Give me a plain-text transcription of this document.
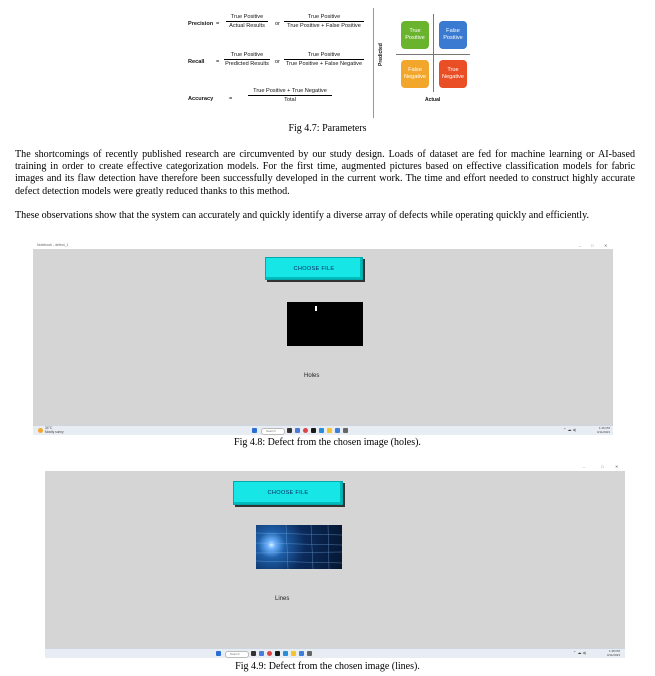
Precision =
True Positive
Actual Results	or
True Positive
True Positive + False Positive
Recall =
True Positive
Predicted Results or
True Positive
True Positive + False Negative
Accuracy	=
True Positive + True Negative
Total
Predicted
True Positive
False Positive
False Negative
True Negative
Actual
Fig 4.7: Parameters

The shortcomings of recently published research are circumvented by our study design. Loads of dataset are fed for machine learning or AI-based training in order to create effective categorization models. For the first time, augmented pictures based on effective classification models for fabric images and its flaw detection have therefore been successfully developed in the current work. The time and effort needed to construct highly accurate defect detection models were greatly reduced thanks to this method.

These observations show that the system can accurately and quickly identify a diverse array of defects while operating quickly and efficiently.

Notebook - defect_1	– □	✕
CHOOSE FILE
Holes
34°C
Mostly sunny	Search	⌃ ☁ ◂)	1:46 PM
4/11/2023
Fig 4.8: Defect from the chosen image (holes).
–	□	✕
CHOOSE FILE
Lines
Search	⌃ ☁ ◂)	1:48 PM
4/11/2023
Fig 4.9: Defect from the chosen image (lines).
